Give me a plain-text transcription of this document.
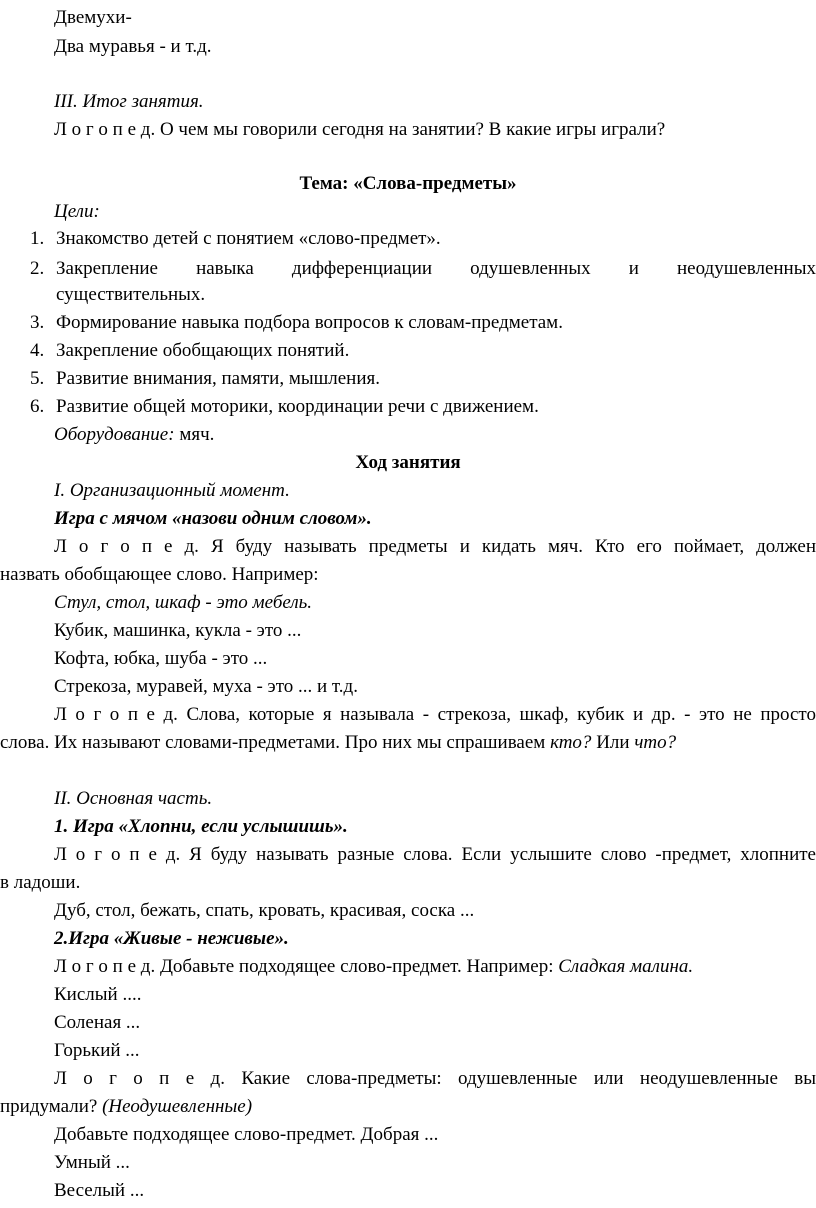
Двемухи-
Два муравья - и т.д.
III. Итог занятия.
Л о г о п е д. О чем мы говорили сегодня на занятии? В какие игры играли?
Тема: «Слова-предметы»
Цели:
1. Знакомство детей с понятием «слово-предмет».
2. Закрепление навыка дифференциации одушевленных и неодушевленных
существительных.
3. Формирование навыка подбора вопросов к словам-предметам.
4. Закрепление обобщающих понятий.
5. Развитие внимания, памяти, мышления.
6. Развитие общей моторики, координации речи с движением.
Оборудование: мяч.
Ход занятия
I. Организационный момент.
Игра с мячом «назови одним словом».
Л о г о п е д. Я буду называть предметы и кидать мяч. Кто его поймает, должен
назвать обобщающее слово. Например:
Стул, стол, шкаф - это мебель.
Кубик, машинка, кукла - это ...
Кофта, юбка, шуба - это ...
Стрекоза, муравей, муха - это ... и т.д.
Л о г о п е д. Слова, которые я называла - стрекоза, шкаф, кубик и др. - это не просто
слова. Их называют словами-предметами. Про них мы спрашиваем кто? Или что?
II. Основная часть.
1. Игра «Хлопни, если услышишь».
Л о г о п е д. Я буду называть разные слова. Если услышите слово -предмет, хлопните
в ладоши.
Дуб, стол, бежать, спать, кровать, красивая, соска ...
2.Игра «Живые - неживые».
Л о г о п е д. Добавьте подходящее слово-предмет. Например: Сладкая малина.
Кислый ....
Соленая ...
Горький ...
Л о г о п е д. Какие слова-предметы: одушевленные или неодушевленные вы
придумали? (Неодушевленные)
Добавьте подходящее слово-предмет. Добрая ...
Умный ...
Веселый ...
